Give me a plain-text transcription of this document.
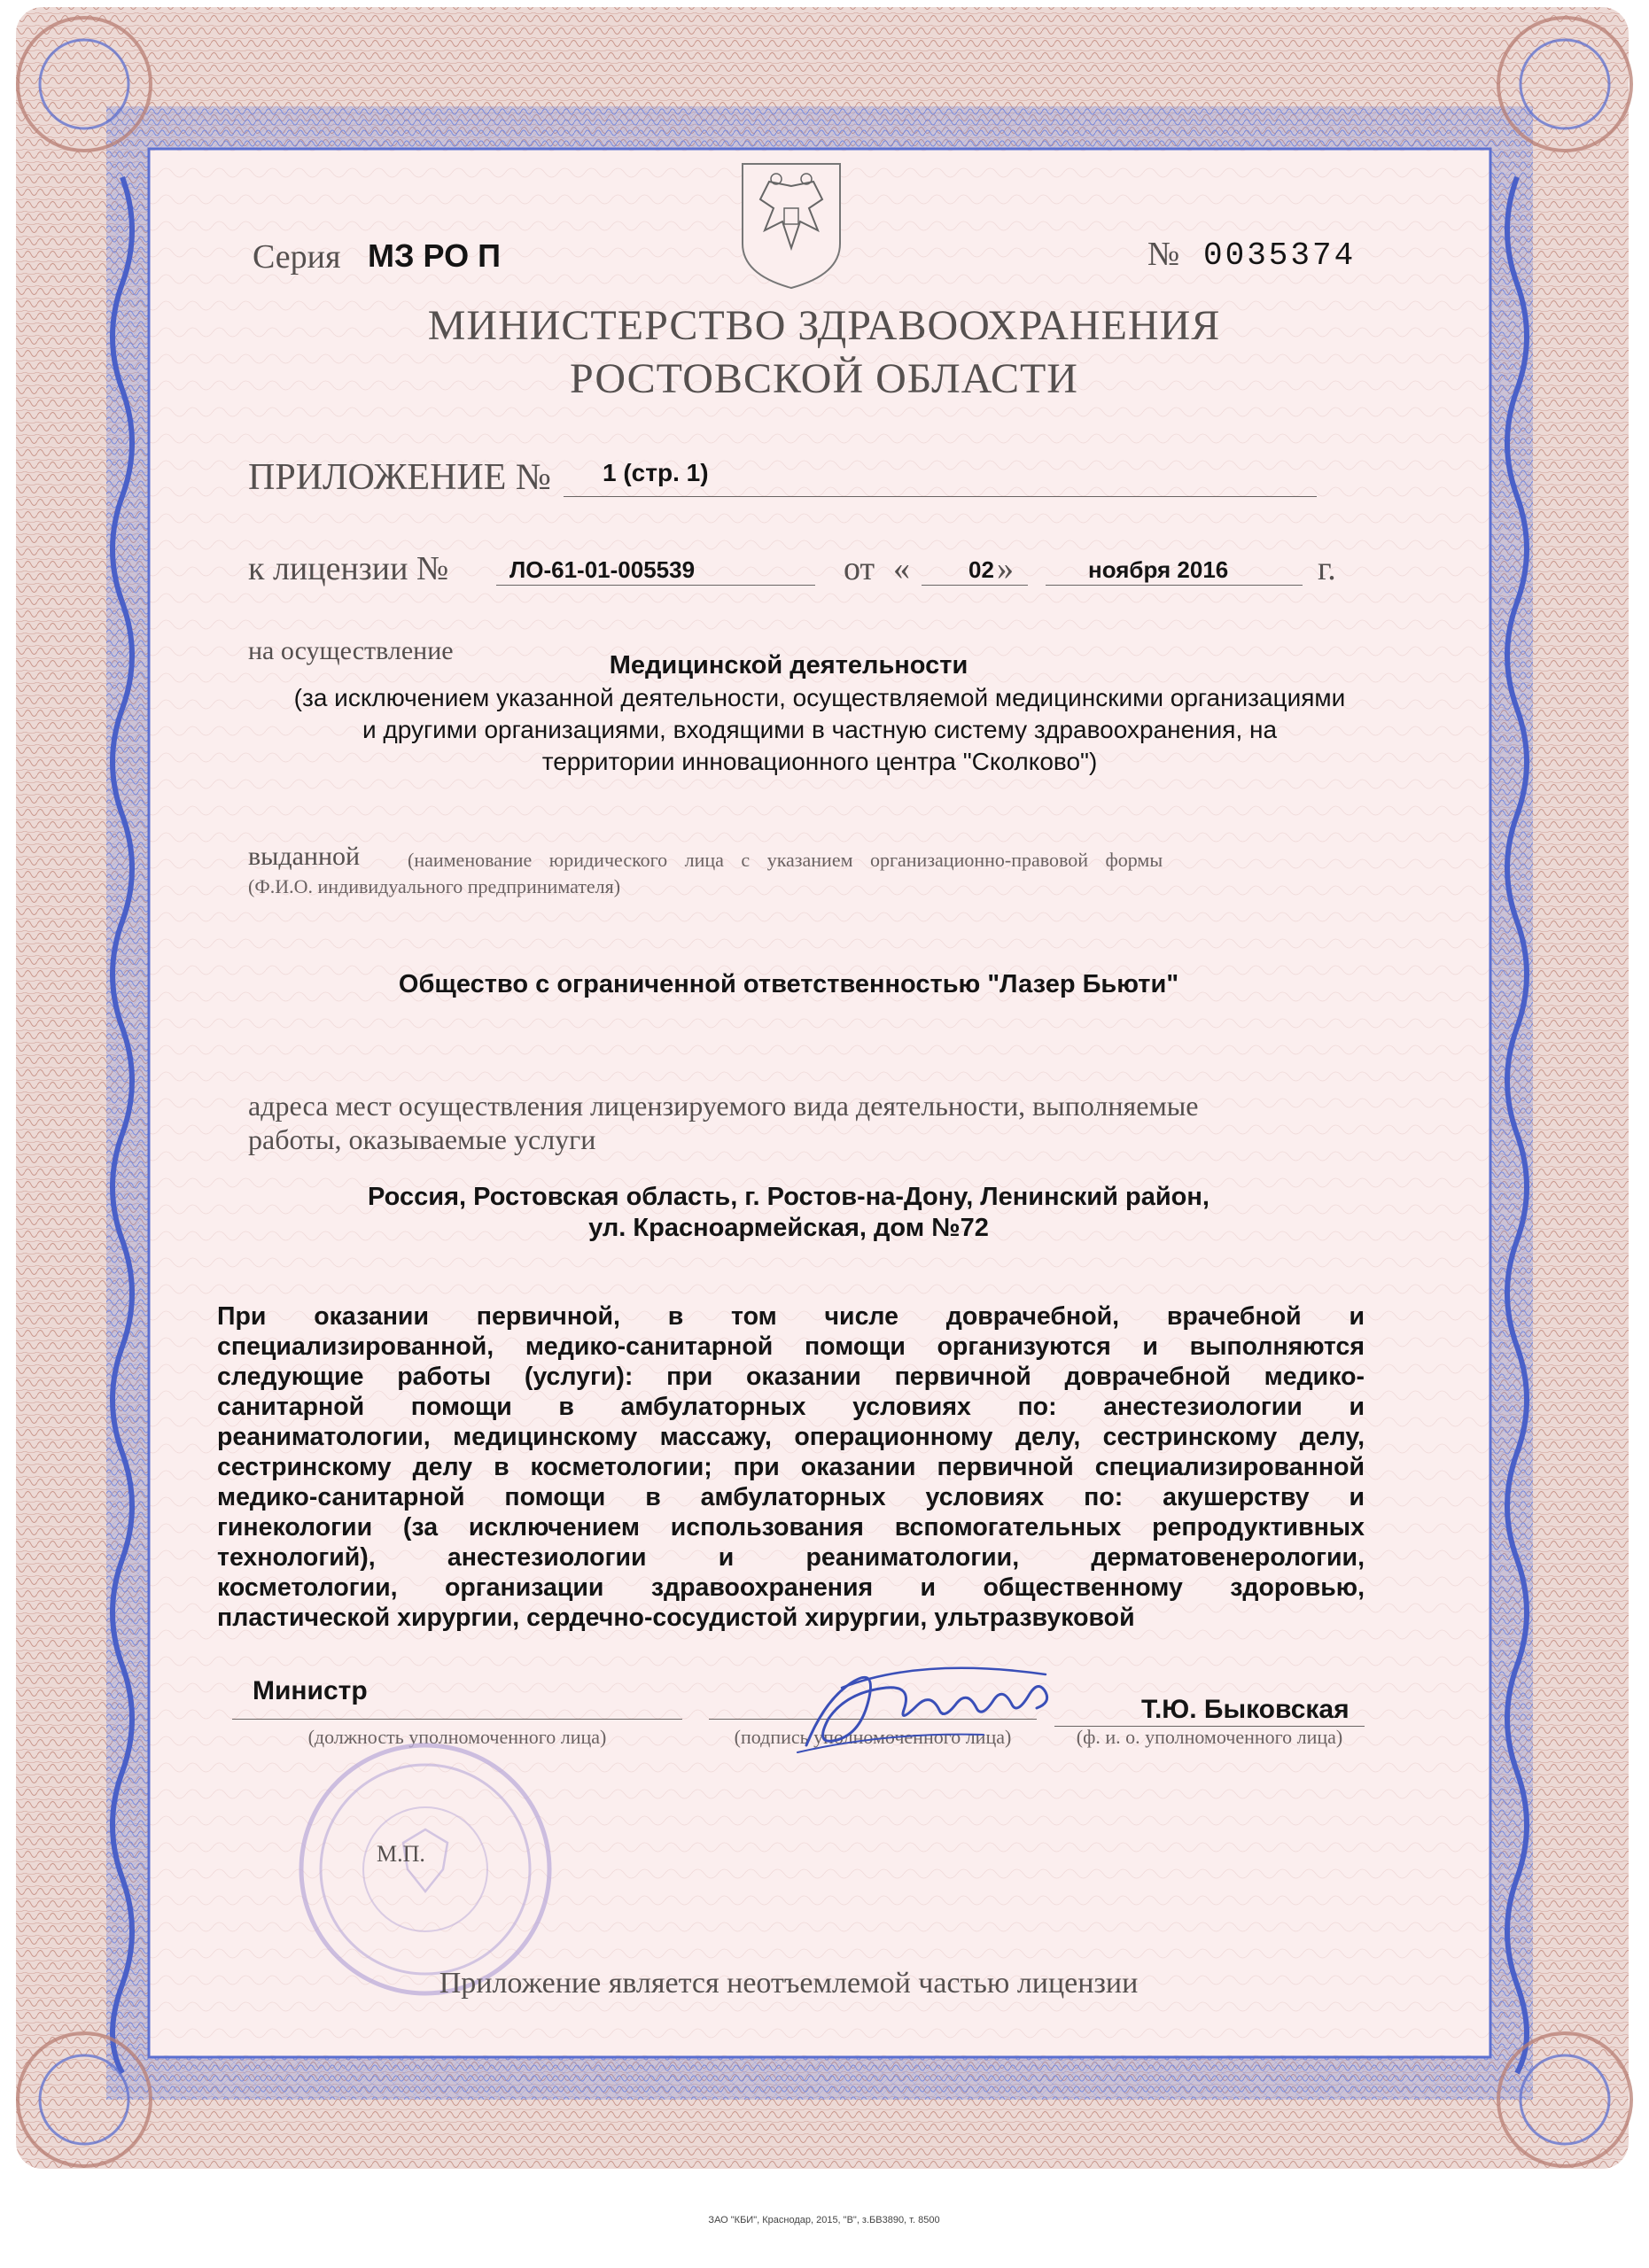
Серия МЗ РО П	№ 0035374
МИНИСТЕРСТВО ЗДРАВООХРАНЕНИЯ
РОСТОВСКОЙ ОБЛАСТИ
ПРИЛОЖЕНИЕ № 1 (стр. 1)
к лицензии №	ЛО-61-01-005539	от «	02 »	ноября 2016	г.
на осуществление	Медицинской деятельности
(за исключением указанной деятельности, осуществляемой медицинскими организациями
и другими организациями, входящими в частную систему здравоохранения, на
территории инновационного центра "Сколково")
выданной (наименование юридического лица с указанием организационно-правовой формы
(Ф.И.О. индивидуального предпринимателя)
Общество с ограниченной ответственностью "Лазер Бьюти"
адреса мест осуществления лицензируемого вида деятельности, выполняемые
работы, оказываемые услуги
Россия, Ростовская область, г. Ростов-на-Дону, Ленинский район,
ул. Красноармейская, дом №72
При оказании первичной, в том числе доврачебной, врачебной и
специализированной, медико-санитарной помощи организуются и выполняются
следующие работы (услуги): при оказании первичной доврачебной медико-
санитарной помощи в амбулаторных условиях по: анестезиологии и
реаниматологии, медицинскому массажу, операционному делу, сестринскому делу,
сестринскому делу в косметологии; при оказании первичной специализированной
медико-санитарной помощи в амбулаторных условиях по: акушерству и
гинекологии (за исключением использования вспомогательных репродуктивных
технологий), анестезиологии и реаниматологии, дерматовенерологии,
косметологии, организации здравоохранения и общественному здоровью,
пластической хирургии, сердечно-сосудистой хирургии, ультразвуковой
Министр
(должность уполномоченного лица)	(подпись уполномоченного лица)
Т.Ю. Быковская
(ф. и. о. уполномоченного лица)
М.П.
Приложение является неотъемлемой частью лицензии
ЗАО "КБИ", Краснодар, 2015, "В", з.БВ3890, т. 8500
